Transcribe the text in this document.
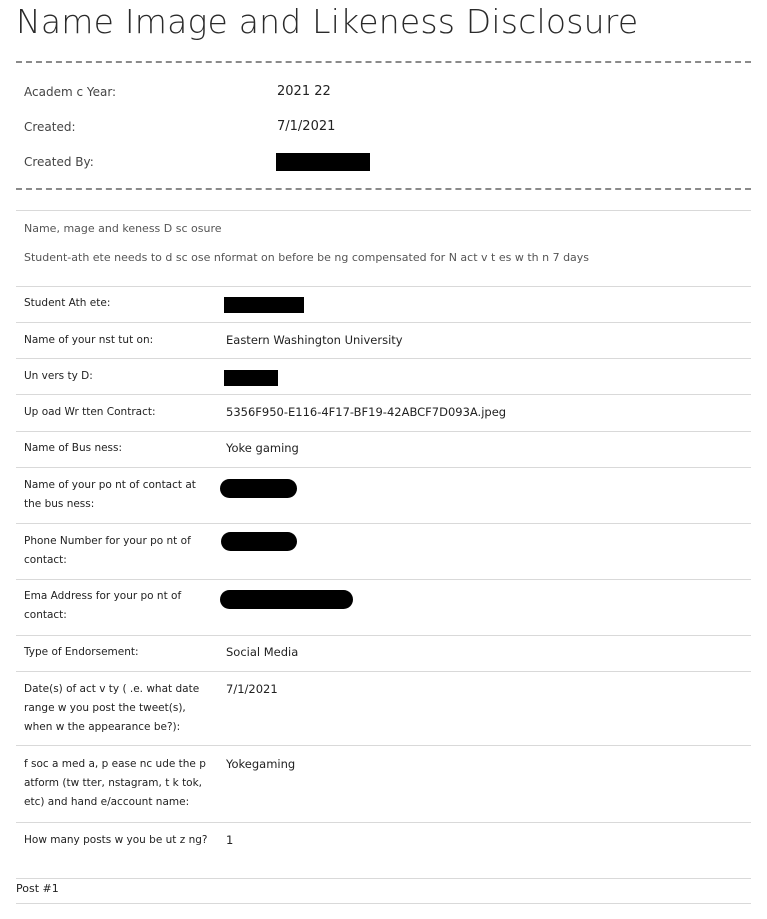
Name Image and Likeness Disclosure
Academ c Year:	2021 22
Created:	7/1/2021
Created By:
Name, mage and keness D sc osure
Student-ath ete needs to d sc ose nformat on before be ng compensated for N act v t es w th n 7 days
Student Ath ete:
Name of your nst tut on:	Eastern Washington University
Un vers ty D:
Up oad Wr tten Contract:	5356F950-E116-4F17-BF19-42ABCF7D093A.jpeg
Name of Bus ness:	Yoke gaming
Name of your po nt of contact at the bus ness:
Phone Number for your po nt of contact:
Ema Address for your po nt of contact:
Type of Endorsement:	Social Media
Date(s) of act v ty ( .e. what date range w you post the tweet(s), when w the appearance be?):
7/1/2021
f soc a med a, p ease nc ude the p atform (tw tter, nstagram, t k tok, etc) and hand e/account name:
Yokegaming
How many posts w you be ut z ng?	1
Post #1
